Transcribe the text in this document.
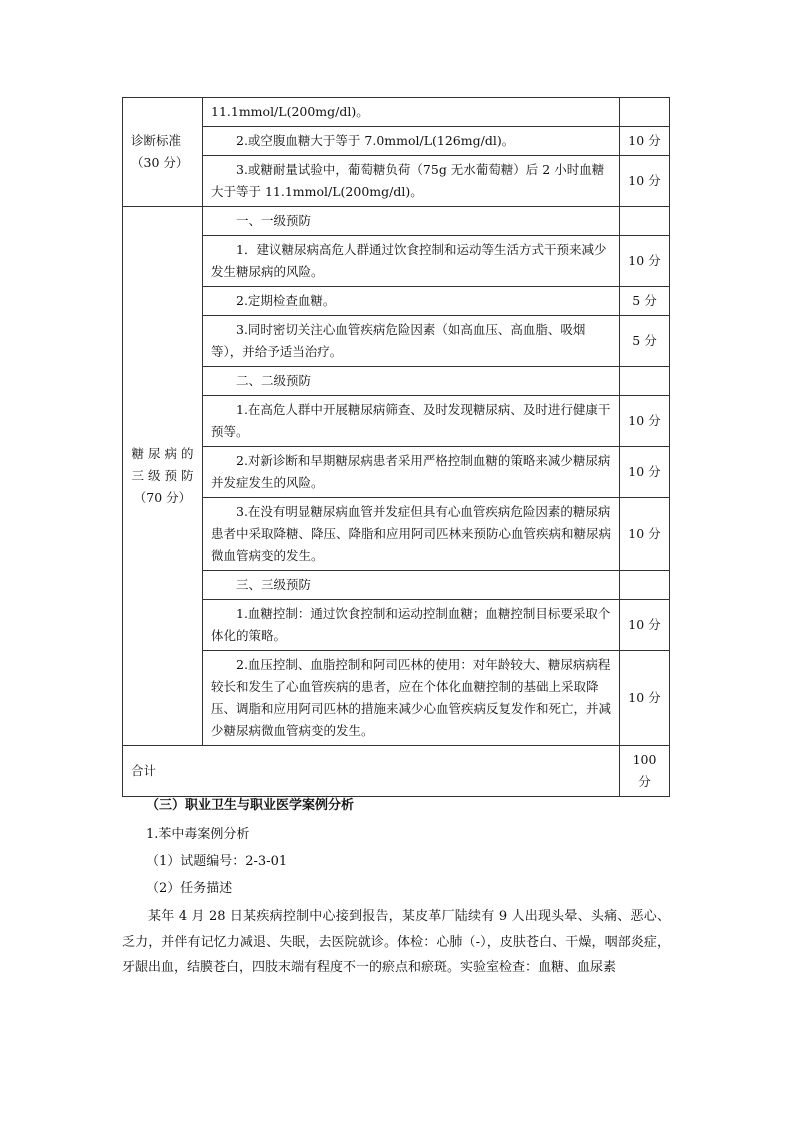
诊断标准
（30 分）	11.1mmol/L(200mg/dl)。	
	2.或空腹血糖大于等于 7.0mmol/L(126mg/dl)。	10 分
	3.或糖耐量试验中，葡萄糖负荷（75g 无水葡萄糖）后 2 小时血糖大于等于 11.1mmol/L(200mg/dl)。	10 分

糖 尿 病 的
三 级 预 防
（70 分）	一、一级预防	
	1．建议糖尿病高危人群通过饮食控制和运动等生活方式干预来减少发生糖尿病的风险。	10 分
	2.定期检查血糖。	5 分
	3.同时密切关注心血管疾病危险因素（如高血压、高血脂、吸烟等），并给予适当治疗。	5 分
	二、二级预防	
	1.在高危人群中开展糖尿病筛查、及时发现糖尿病、及时进行健康干预等。	10 分
	2.对新诊断和早期糖尿病患者采用严格控制血糖的策略来减少糖尿病并发症发生的风险。	10 分
	3.在没有明显糖尿病血管并发症但具有心血管疾病危险因素的糖尿病患者中采取降糖、降压、降脂和应用阿司匹林来预防心血管疾病和糖尿病微血管病变的发生。	10 分
	三、三级预防	
	1.血糖控制：通过饮食控制和运动控制血糖；血糖控制目标要采取个体化的策略。	10 分
	2.血压控制、血脂控制和阿司匹林的使用：对年龄较大、糖尿病病程较长和发生了心血管疾病的患者，应在个体化血糖控制的基础上采取降压、调脂和应用阿司匹林的措施来减少心血管疾病反复发作和死亡，并减少糖尿病微血管病变的发生。	10 分
合计		100 分
（三）职业卫生与职业医学案例分析
1.苯中毒案例分析
（1）试题编号：2-3-01
（2）任务描述

某年 4 月 28 日某疾病控制中心接到报告，某皮革厂陆续有 9 人出现头晕、头痛、恶心、乏力，并伴有记忆力减退、失眠，去医院就诊。体检：心肺（-），皮肤苍白、干燥，咽部炎症，牙龈出血，结膜苍白，四肢末端有程度不一的瘀点和瘀斑。实验室检查：血糖、血尿素
